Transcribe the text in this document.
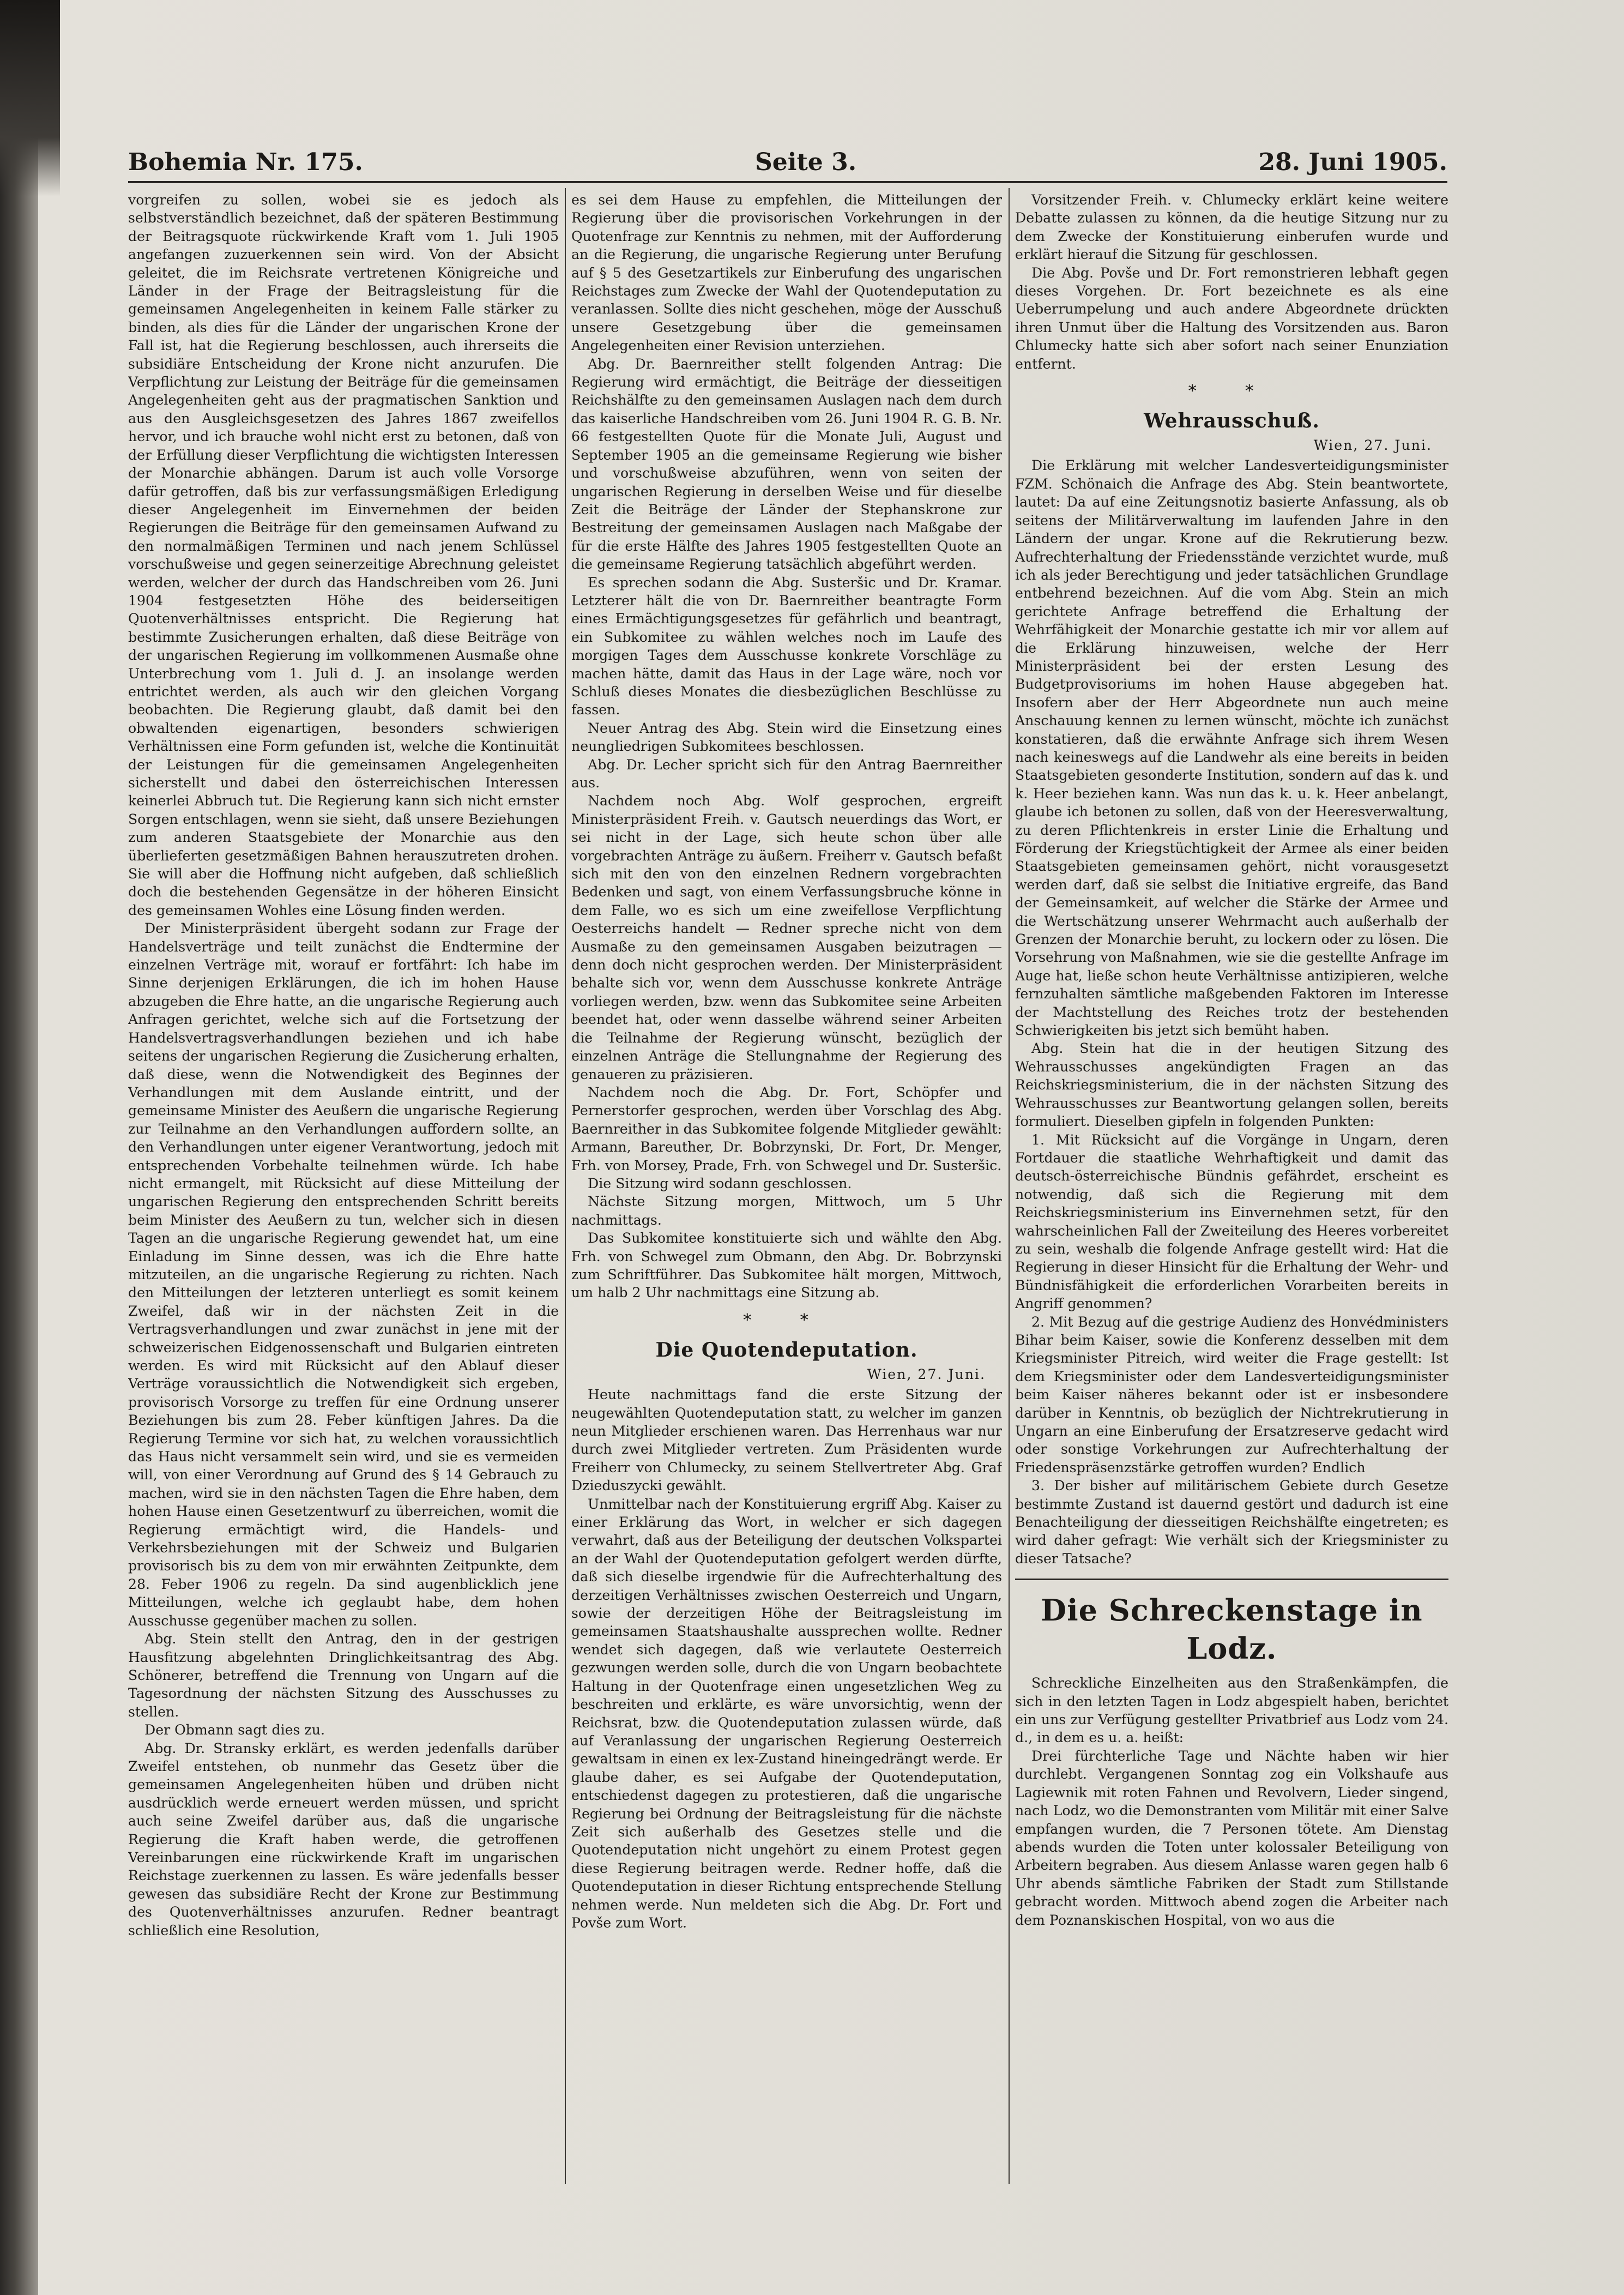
Bohemia Nr. 175.	Seite 3.	28. Juni 1905.

vorgreifen zu sollen, wobei sie es jedoch als selbstverständlich bezeichnet, daß der späteren Bestimmung der Beitragsquote rückwirkende Kraft vom 1. Juli 1905 angefangen zuzuerkennen sein wird. Von der Absicht geleitet, die im Reichsrate vertretenen Königreiche und Länder in der Frage der Beitragsleistung für die gemeinsamen Angelegenheiten in keinem Falle stärker zu binden, als dies für die Länder der ungarischen Krone der Fall ist, hat die Regierung beschlossen, auch ihrerseits die subsidiäre Entscheidung der Krone nicht anzurufen. Die Verpflichtung zur Leistung der Beiträge für die gemeinsamen Angelegenheiten geht aus der pragmatischen Sanktion und aus den Ausgleichsgesetzen des Jahres 1867 zweifellos hervor, und ich brauche wohl nicht erst zu betonen, daß von der Erfüllung dieser Verpflichtung die wichtigsten Interessen der Monarchie abhängen. Darum ist auch volle Vorsorge dafür getroffen, daß bis zur verfassungsmäßigen Erledigung dieser Angelegenheit im Einvernehmen der beiden Regierungen die Beiträge für den gemeinsamen Aufwand zu den normalmäßigen Terminen und nach jenem Schlüssel vorschußweise und gegen seinerzeitige Abrechnung geleistet werden, welcher der durch das Handschreiben vom 26. Juni 1904 festgesetzten Höhe des beiderseitigen Quotenverhältnisses entspricht. Die Regierung hat bestimmte Zusicherungen erhalten, daß diese Beiträge von der ungarischen Regierung im vollkommenen Ausmaße ohne Unterbrechung vom 1. Juli d. J. an insolange werden entrichtet werden, als auch wir den gleichen Vorgang beobachten. Die Regierung glaubt, daß damit bei den obwaltenden eigenartigen, besonders schwierigen Verhältnissen eine Form gefunden ist, welche die Kontinuität der Leistungen für die gemeinsamen Angelegenheiten sicherstellt und dabei den österreichischen Interessen keinerlei Abbruch tut. Die Regierung kann sich nicht ernster Sorgen entschlagen, wenn sie sieht, daß unsere Beziehungen zum anderen Staatsgebiete der Monarchie aus den überlieferten gesetzmäßigen Bahnen herauszutreten drohen. Sie will aber die Hoffnung nicht aufgeben, daß schließlich doch die bestehenden Gegensätze in der höheren Einsicht des gemeinsamen Wohles eine Lösung finden werden.

Der Ministerpräsident übergeht sodann zur Frage der Handelsverträge und teilt zunächst die Endtermine der einzelnen Verträge mit, worauf er fortfährt: Ich habe im Sinne derjenigen Erklärungen, die ich im hohen Hause abzugeben die Ehre hatte, an die ungarische Regierung auch Anfragen gerichtet, welche sich auf die Fortsetzung der Handelsvertragsverhandlungen beziehen und ich habe seitens der ungarischen Regierung die Zusicherung erhalten, daß diese, wenn die Notwendigkeit des Beginnes der Verhandlungen mit dem Auslande eintritt, und der gemeinsame Minister des Aeußern die ungarische Regierung zur Teilnahme an den Verhandlungen auffordern sollte, an den Verhandlungen unter eigener Verantwortung, jedoch mit entsprechenden Vorbehalte teilnehmen würde. Ich habe nicht ermangelt, mit Rücksicht auf diese Mitteilung der ungarischen Regierung den entsprechenden Schritt bereits beim Minister des Aeußern zu tun, welcher sich in diesen Tagen an die ungarische Regierung gewendet hat, um eine Einladung im Sinne dessen, was ich die Ehre hatte mitzuteilen, an die ungarische Regierung zu richten. Nach den Mitteilungen der letzteren unterliegt es somit keinem Zweifel, daß wir in der nächsten Zeit in die Vertragsverhandlungen und zwar zunächst in jene mit der schweizerischen Eidgenossenschaft und Bulgarien eintreten werden. Es wird mit Rücksicht auf den Ablauf dieser Verträge voraussichtlich die Notwendigkeit sich ergeben, provisorisch Vorsorge zu treffen für eine Ordnung unserer Beziehungen bis zum 28. Feber künftigen Jahres. Da die Regierung Termine vor sich hat, zu welchen voraussichtlich das Haus nicht versammelt sein wird, und sie es vermeiden will, von einer Verordnung auf Grund des § 14 Gebrauch zu machen, wird sie in den nächsten Tagen die Ehre haben, dem hohen Hause einen Gesetzentwurf zu überreichen, womit die Regierung ermächtigt wird, die Handels- und Verkehrsbeziehungen mit der Schweiz und Bulgarien provisorisch bis zu dem von mir erwähnten Zeitpunkte, dem 28. Feber 1906 zu regeln. Da sind augenblicklich jene Mitteilungen, welche ich geglaubt habe, dem hohen Ausschusse gegenüber machen zu sollen.

Abg. Stein stellt den Antrag, den in der gestrigen Hausfitzung abgelehnten Dringlichkeitsantrag des Abg. Schönerer, betreffend die Trennung von Ungarn auf die Tagesordnung der nächsten Sitzung des Ausschusses zu stellen.

Der Obmann sagt dies zu.

Abg. Dr. Stransky erklärt, es werden jedenfalls darüber Zweifel entstehen, ob nunmehr das Gesetz über die gemeinsamen Angelegenheiten hüben und drüben nicht ausdrücklich werde erneuert werden müssen, und spricht auch seine Zweifel darüber aus, daß die ungarische Regierung die Kraft haben werde, die getroffenen Vereinbarungen eine rückwirkende Kraft im ungarischen Reichstage zuerkennen zu lassen. Es wäre jedenfalls besser gewesen das subsidiäre Recht der Krone zur Bestimmung des Quotenverhältnisses anzurufen. Redner beantragt schließlich eine Resolution,

es sei dem Hause zu empfehlen, die Mitteilungen der Regierung über die provisorischen Vorkehrungen in der Quotenfrage zur Kenntnis zu nehmen, mit der Aufforderung an die Regierung, die ungarische Regierung unter Berufung auf § 5 des Gesetzartikels zur Einberufung des ungarischen Reichstages zum Zwecke der Wahl der Quotendeputation zu veranlassen. Sollte dies nicht geschehen, möge der Ausschuß unsere Gesetzgebung über die gemeinsamen Angelegenheiten einer Revision unterziehen.

Abg. Dr. Baernreither stellt folgenden Antrag: Die Regierung wird ermächtigt, die Beiträge der diesseitigen Reichshälfte zu den gemeinsamen Auslagen nach dem durch das kaiserliche Handschreiben vom 26. Juni 1904 R. G. B. Nr. 66 festgestellten Quote für die Monate Juli, August und September 1905 an die gemeinsame Regierung wie bisher und vorschußweise abzuführen, wenn von seiten der ungarischen Regierung in derselben Weise und für dieselbe Zeit die Beiträge der Länder der Stephanskrone zur Bestreitung der gemeinsamen Auslagen nach Maßgabe der für die erste Hälfte des Jahres 1905 festgestellten Quote an die gemeinsame Regierung tatsächlich abgeführt werden.

Es sprechen sodann die Abg. Susteršic und Dr. Kramar. Letzterer hält die von Dr. Baernreither beantragte Form eines Ermächtigungsgesetzes für gefährlich und beantragt, ein Subkomitee zu wählen welches noch im Laufe des morgigen Tages dem Ausschusse konkrete Vorschläge zu machen hätte, damit das Haus in der Lage wäre, noch vor Schluß dieses Monates die diesbezüglichen Beschlüsse zu fassen.

Neuer Antrag des Abg. Stein wird die Einsetzung eines neungliedrigen Subkomitees beschlossen.

Abg. Dr. Lecher spricht sich für den Antrag Baernreither aus.

Nachdem noch Abg. Wolf gesprochen, ergreift Ministerpräsident Freih. v. Gautsch neuerdings das Wort, er sei nicht in der Lage, sich heute schon über alle vorgebrachten Anträge zu äußern. Freiherr v. Gautsch befaßt sich mit den von den einzelnen Rednern vorgebrachten Bedenken und sagt, von einem Verfassungsbruche könne in dem Falle, wo es sich um eine zweifellose Verpflichtung Oesterreichs handelt — Redner spreche nicht von dem Ausmaße zu den gemeinsamen Ausgaben beizutragen — denn doch nicht gesprochen werden. Der Ministerpräsident behalte sich vor, wenn dem Ausschusse konkrete Anträge vorliegen werden, bzw. wenn das Subkomitee seine Arbeiten beendet hat, oder wenn dasselbe während seiner Arbeiten die Teilnahme der Regierung wünscht, bezüglich der einzelnen Anträge die Stellungnahme der Regierung des genaueren zu präzisieren.

Nachdem noch die Abg. Dr. Fort, Schöpfer und Pernerstorfer gesprochen, werden über Vorschlag des Abg. Baernreither in das Subkomitee folgende Mitglieder gewählt: Armann, Bareuther, Dr. Bobrzynski, Dr. Fort, Dr. Menger, Frh. von Morsey, Prade, Frh. von Schwegel und Dr. Susteršic.

Die Sitzung wird sodann geschlossen.

Nächste Sitzung morgen, Mittwoch, um 5 Uhr nachmittags.

Das Subkomitee konstituierte sich und wählte den Abg. Frh. von Schwegel zum Obmann, den Abg. Dr. Bobrzynski zum Schriftführer. Das Subkomitee hält morgen, Mittwoch, um halb 2 Uhr nachmittags eine Sitzung ab.

* *
Die Quotendeputation.
Wien, 27. Juni.

Heute nachmittags fand die erste Sitzung der neugewählten Quotendeputation statt, zu welcher im ganzen neun Mitglieder erschienen waren. Das Herrenhaus war nur durch zwei Mitglieder vertreten. Zum Präsidenten wurde Freiherr von Chlumecky, zu seinem Stellvertreter Abg. Graf Dzieduszycki gewählt.

Unmittelbar nach der Konstituierung ergriff Abg. Kaiser zu einer Erklärung das Wort, in welcher er sich dagegen verwahrt, daß aus der Beteiligung der deutschen Volkspartei an der Wahl der Quotendeputation gefolgert werden dürfte, daß sich dieselbe irgendwie für die Aufrechterhaltung des derzeitigen Verhältnisses zwischen Oesterreich und Ungarn, sowie der derzeitigen Höhe der Beitragsleistung im gemeinsamen Staatshaushalte aussprechen wollte. Redner wendet sich dagegen, daß wie verlautete Oesterreich gezwungen werden solle, durch die von Ungarn beobachtete Haltung in der Quotenfrage einen ungesetzlichen Weg zu beschreiten und erklärte, es wäre unvorsichtig, wenn der Reichsrat, bzw. die Quotendeputation zulassen würde, daß auf Veranlassung der ungarischen Regierung Oesterreich gewaltsam in einen ex lex-Zustand hineingedrängt werde. Er glaube daher, es sei Aufgabe der Quotendeputation, entschiedenst dagegen zu protestieren, daß die ungarische Regierung bei Ordnung der Beitragsleistung für die nächste Zeit sich außerhalb des Gesetzes stelle und die Quotendeputation nicht ungehört zu einem Protest gegen diese Regierung beitragen werde. Redner hoffe, daß die Quotendeputation in dieser Richtung entsprechende Stellung nehmen werde. Nun meldeten sich die Abg. Dr. Fort und Povše zum Wort.

Vorsitzender Freih. v. Chlumecky erklärt keine weitere Debatte zulassen zu können, da die heutige Sitzung nur zu dem Zwecke der Konstituierung einberufen wurde und erklärt hierauf die Sitzung für geschlossen.

Die Abg. Povše und Dr. Fort remonstrieren lebhaft gegen dieses Vorgehen. Dr. Fort bezeichnete es als eine Ueberrumpelung und auch andere Abgeordnete drückten ihren Unmut über die Haltung des Vorsitzenden aus. Baron Chlumecky hatte sich aber sofort nach seiner Enunziation entfernt.

* *
Wehrausschuß.
Wien, 27. Juni.

Die Erklärung mit welcher Landesverteidigungsminister FZM. Schönaich die Anfrage des Abg. Stein beantwortete, lautet: Da auf eine Zeitungsnotiz basierte Anfassung, als ob seitens der Militärverwaltung im laufenden Jahre in den Ländern der ungar. Krone auf die Rekrutierung bezw. Aufrechterhaltung der Friedensstände verzichtet wurde, muß ich als jeder Berechtigung und jeder tatsächlichen Grundlage entbehrend bezeichnen. Auf die vom Abg. Stein an mich gerichtete Anfrage betreffend die Erhaltung der Wehrfähigkeit der Monarchie gestatte ich mir vor allem auf die Erklärung hinzuweisen, welche der Herr Ministerpräsident bei der ersten Lesung des Budgetprovisoriums im hohen Hause abgegeben hat. Insofern aber der Herr Abgeordnete nun auch meine Anschauung kennen zu lernen wünscht, möchte ich zunächst konstatieren, daß die erwähnte Anfrage sich ihrem Wesen nach keineswegs auf die Landwehr als eine bereits in beiden Staatsgebieten gesonderte Institution, sondern auf das k. und k. Heer beziehen kann. Was nun das k. u. k. Heer anbelangt, glaube ich betonen zu sollen, daß von der Heeresverwaltung, zu deren Pflichtenkreis in erster Linie die Erhaltung und Förderung der Kriegstüchtigkeit der Armee als einer beiden Staatsgebieten gemeinsamen gehört, nicht vorausgesetzt werden darf, daß sie selbst die Initiative ergreife, das Band der Gemeinsamkeit, auf welcher die Stärke der Armee und die Wertschätzung unserer Wehrmacht auch außerhalb der Grenzen der Monarchie beruht, zu lockern oder zu lösen. Die Vorsehrung von Maßnahmen, wie sie die gestellte Anfrage im Auge hat, ließe schon heute Verhältnisse antizipieren, welche fernzuhalten sämtliche maßgebenden Faktoren im Interesse der Machtstellung des Reiches trotz der bestehenden Schwierigkeiten bis jetzt sich bemüht haben.

Abg. Stein hat die in der heutigen Sitzung des Wehrausschusses angekündigten Fragen an das Reichskriegsministerium, die in der nächsten Sitzung des Wehrausschusses zur Beantwortung gelangen sollen, bereits formuliert. Dieselben gipfeln in folgenden Punkten:

1. Mit Rücksicht auf die Vorgänge in Ungarn, deren Fortdauer die staatliche Wehrhaftigkeit und damit das deutsch-österreichische Bündnis gefährdet, erscheint es notwendig, daß sich die Regierung mit dem Reichskriegsministerium ins Einvernehmen setzt, für den wahrscheinlichen Fall der Zweiteilung des Heeres vorbereitet zu sein, weshalb die folgende Anfrage gestellt wird: Hat die Regierung in dieser Hinsicht für die Erhaltung der Wehr- und Bündnisfähigkeit die erforderlichen Vorarbeiten bereits in Angriff genommen?

2. Mit Bezug auf die gestrige Audienz des Honvédministers Bihar beim Kaiser, sowie die Konferenz desselben mit dem Kriegsminister Pitreich, wird weiter die Frage gestellt: Ist dem Kriegsminister oder dem Landesverteidigungsminister beim Kaiser näheres bekannt oder ist er insbesondere darüber in Kenntnis, ob bezüglich der Nichtrekrutierung in Ungarn an eine Einberufung der Ersatzreserve gedacht wird oder sonstige Vorkehrungen zur Aufrechterhaltung der Friedenspräsenzstärke getroffen wurden? Endlich

3. Der bisher auf militärischem Gebiete durch Gesetze bestimmte Zustand ist dauernd gestört und dadurch ist eine Benachteiligung der diesseitigen Reichshälfte eingetreten; es wird daher gefragt: Wie verhält sich der Kriegsminister zu dieser Tatsache?

Die Schreckenstage in Lodz.

Schreckliche Einzelheiten aus den Straßenkämpfen, die sich in den letzten Tagen in Lodz abgespielt haben, berichtet ein uns zur Verfügung gestellter Privatbrief aus Lodz vom 24. d., in dem es u. a. heißt:

Drei fürchterliche Tage und Nächte haben wir hier durchlebt. Vergangenen Sonntag zog ein Volkshaufe aus Lagiewnik mit roten Fahnen und Revolvern, Lieder singend, nach Lodz, wo die Demonstranten vom Militär mit einer Salve empfangen wurden, die 7 Personen tötete. Am Dienstag abends wurden die Toten unter kolossaler Beteiligung von Arbeitern begraben. Aus diesem Anlasse waren gegen halb 6 Uhr abends sämtliche Fabriken der Stadt zum Stillstande gebracht worden. Mittwoch abend zogen die Arbeiter nach dem Poznanskischen Hospital, von wo aus die
